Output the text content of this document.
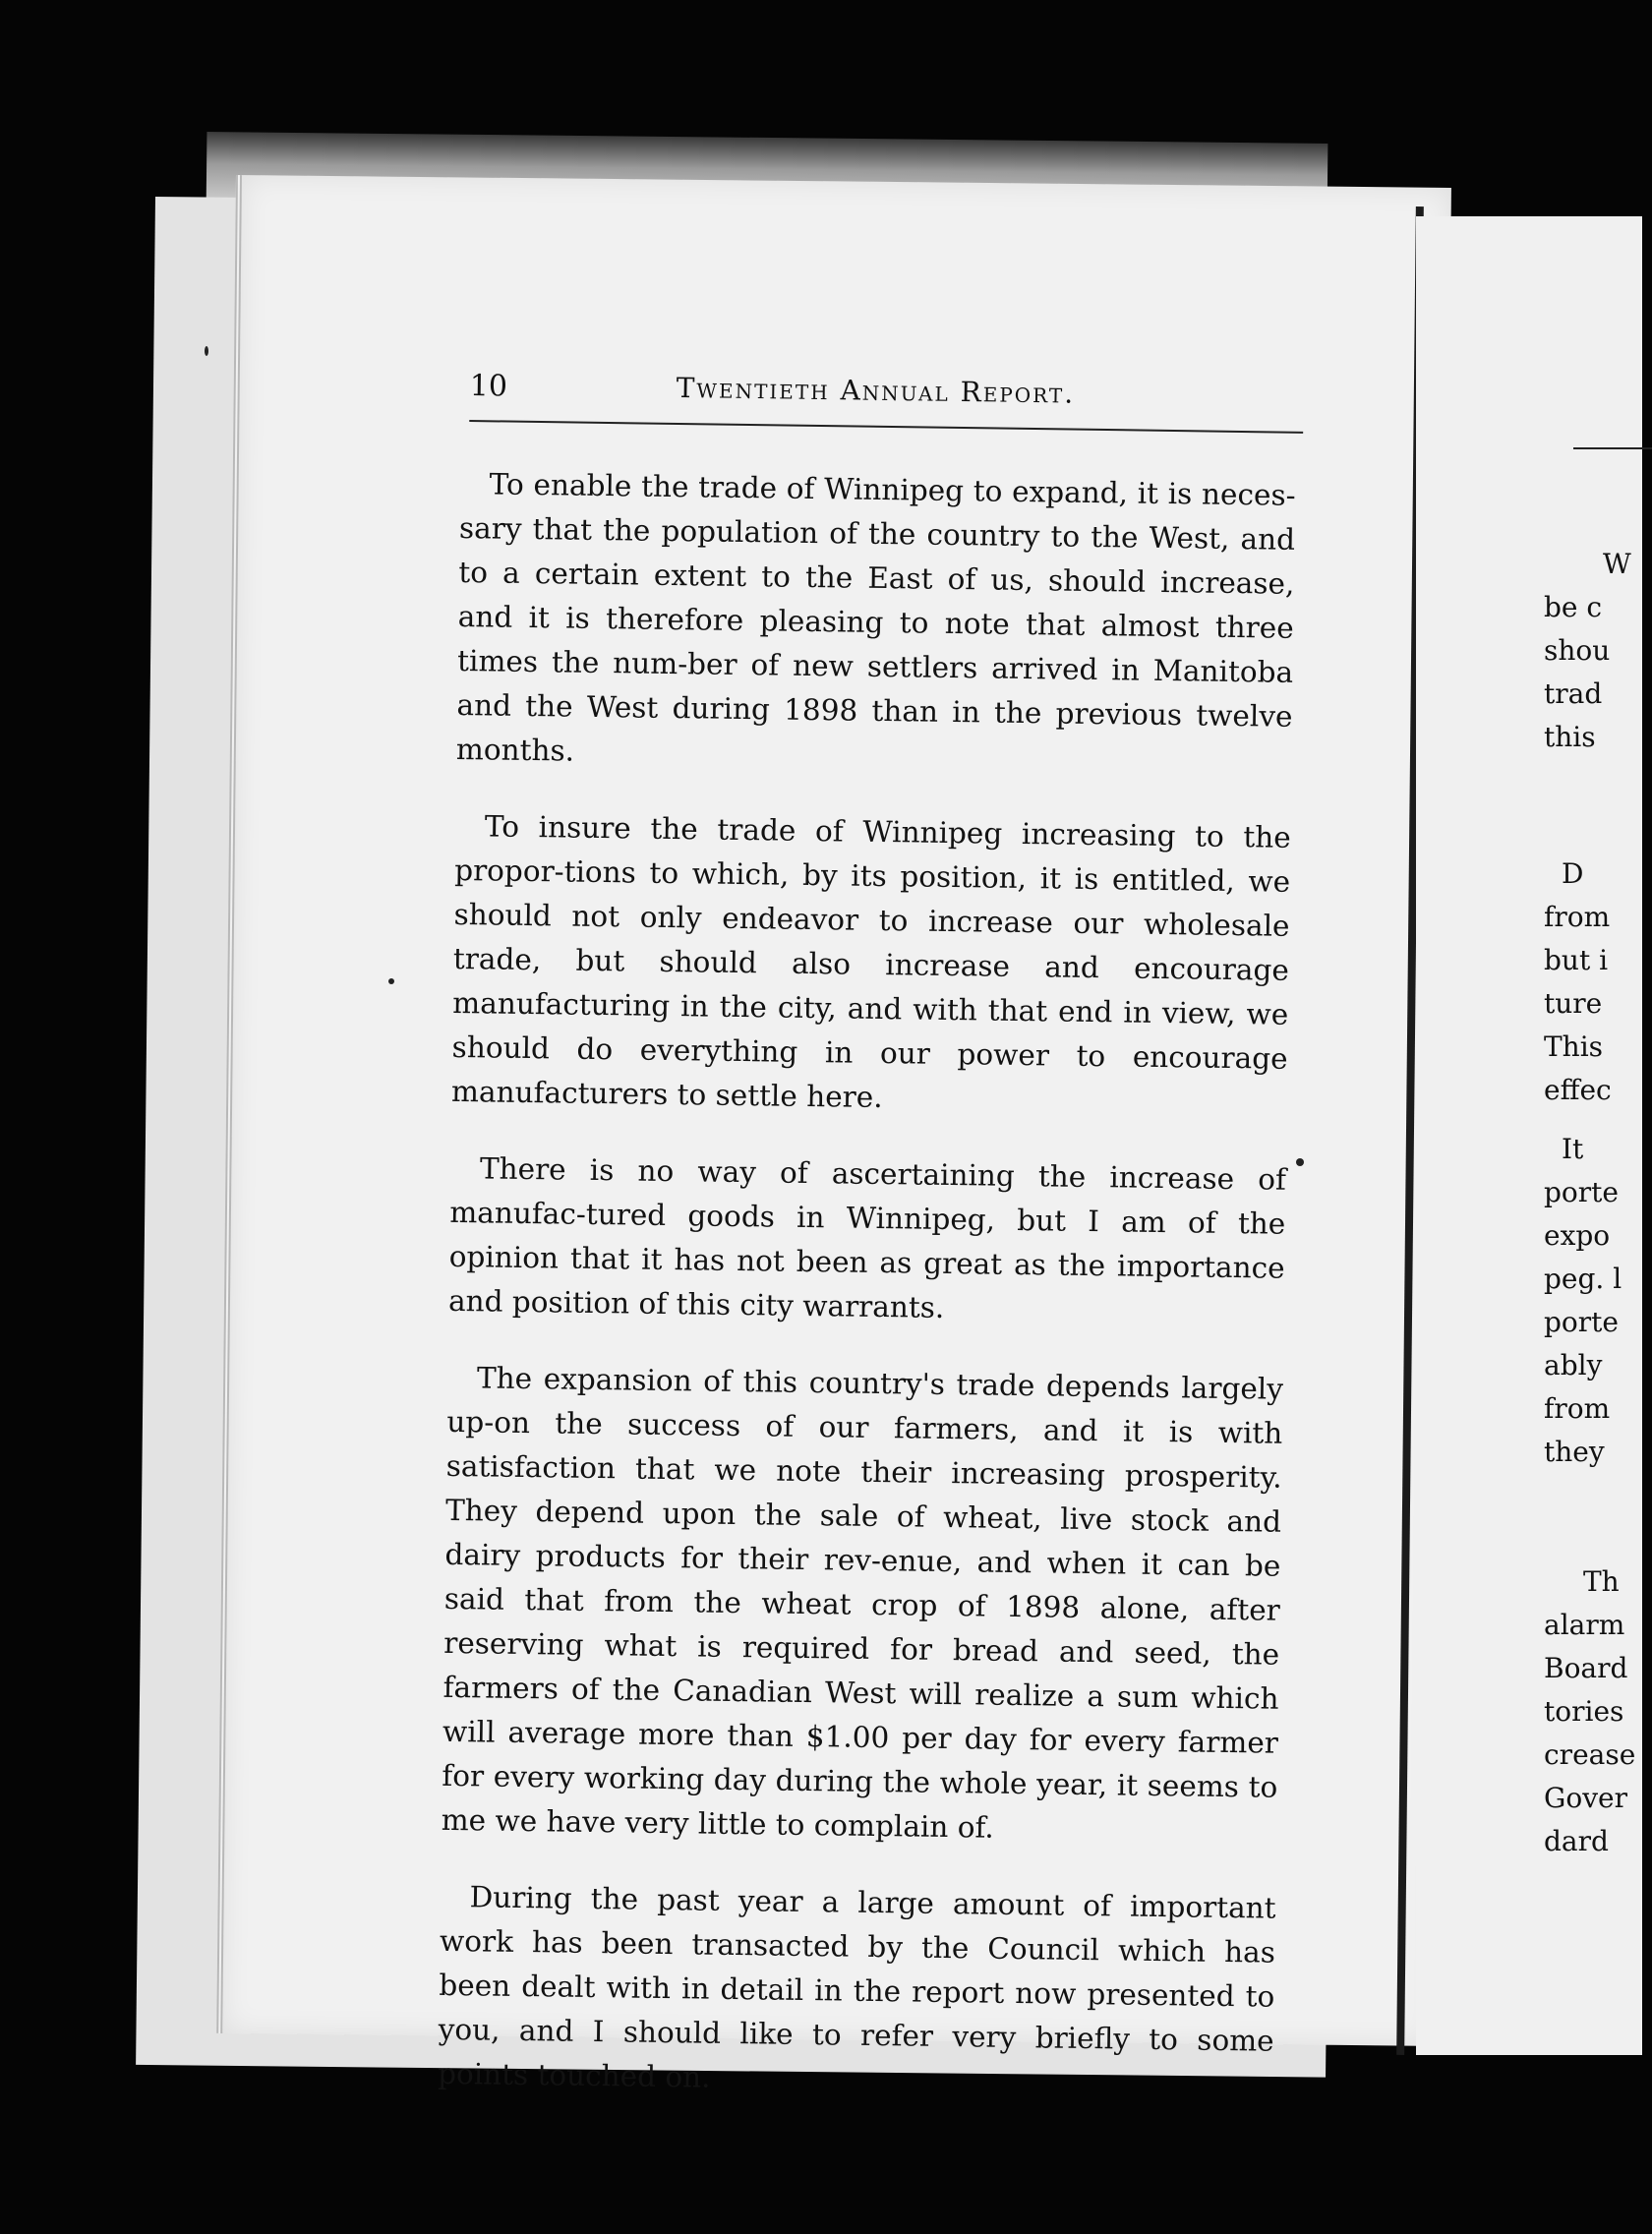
10	Twentieth Annual Report.

To enable the trade of Winnipeg to expand, it is neces-sary that the population of the country to the West, and to a certain extent to the East of us, should increase, and it is therefore pleasing to note that almost three times the num-ber of new settlers arrived in Manitoba and the West during 1898 than in the previous twelve months.

To insure the trade of Winnipeg increasing to the propor-tions to which, by its position, it is entitled, we should not only endeavor to increase our wholesale trade, but should also increase and encourage manufacturing in the city, and with that end in view, we should do everything in our power to encourage manufacturers to settle here.

There is no way of ascertaining the increase of manufac-tured goods in Winnipeg, but I am of the opinion that it has not been as great as the importance and position of this city warrants.

The expansion of this country's trade depends largely up-on the success of our farmers, and it is with satisfaction that we note their increasing prosperity. They depend upon the sale of wheat, live stock and dairy products for their rev-enue, and when it can be said that from the wheat crop of 1898 alone, after reserving what is required for bread and seed, the farmers of the Canadian West will realize a sum which will average more than $1.00 per day for every farmer for every working day during the whole year, it seems to me we have very little to complain of.

During the past year a large amount of important work has been transacted by the Council which has been dealt with in detail in the report now presented to you, and I should like to refer very briefly to some points touched on.

W
be c
shou
trad
this
D
from
but i
ture
This
effec
It
porte
expo
peg. l
porte
ably
from
they
Th
alarm
Board
tories
crease
Gover
dard
